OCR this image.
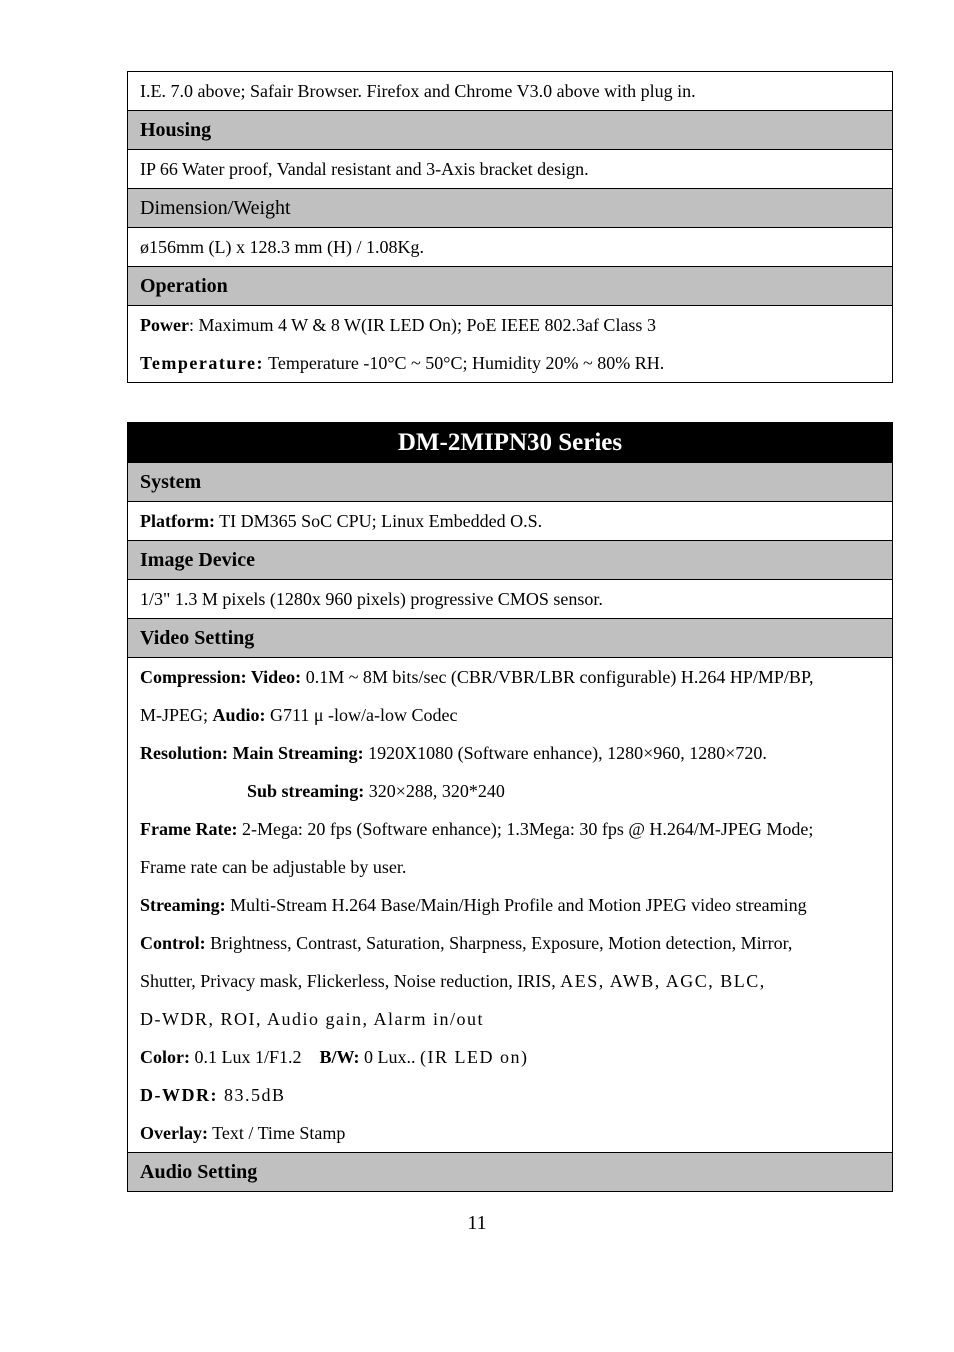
I.E. 7.0 above; Safair Browser. Firefox and Chrome V3.0 above with plug in.
Housing
IP 66 Water proof, Vandal resistant and 3-Axis bracket design.
Dimension/Weight
ø156mm (L) x 128.3 mm (H) / 1.08Kg.
Operation

Power: Maximum 4 W & 8 W(IR LED On); PoE IEEE 802.3af Class 3
Temperature: Temperature -10°C ~ 50°C; Humidity 20% ~ 80% RH.
DM-2MIPN30 Series
System
Platform: TI DM365 SoC CPU; Linux Embedded O.S.
Image Device
1/3" 1.3 M pixels (1280x 960 pixels) progressive CMOS sensor.
Video Setting

Compression: Video: 0.1M ~ 8M bits/sec (CBR/VBR/LBR configurable) H.264 HP/MP/BP,
M-JPEG; Audio: G711 μ -low/a-low Codec
Resolution: Main Streaming: 1920X1080 (Software enhance), 1280×960, 1280×720.
Sub streaming: 320×288, 320*240
Frame Rate: 2-Mega: 20 fps (Software enhance); 1.3Mega: 30 fps @ H.264/M-JPEG Mode;
Frame rate can be adjustable by user.
Streaming: Multi-Stream H.264 Base/Main/High Profile and Motion JPEG video streaming
Control: Brightness, Contrast, Saturation, Sharpness, Exposure, Motion detection, Mirror,
Shutter, Privacy mask, Flickerless, Noise reduction, IRIS, AES, AWB, AGC, BLC,
D-WDR, ROI, Audio gain, Alarm in/out
Color: 0.1 Lux 1/F1.2    B/W: 0 Lux.. (IR LED on)
D-WDR: 83.5dB
Overlay: Text / Time Stamp

Audio Setting
11
